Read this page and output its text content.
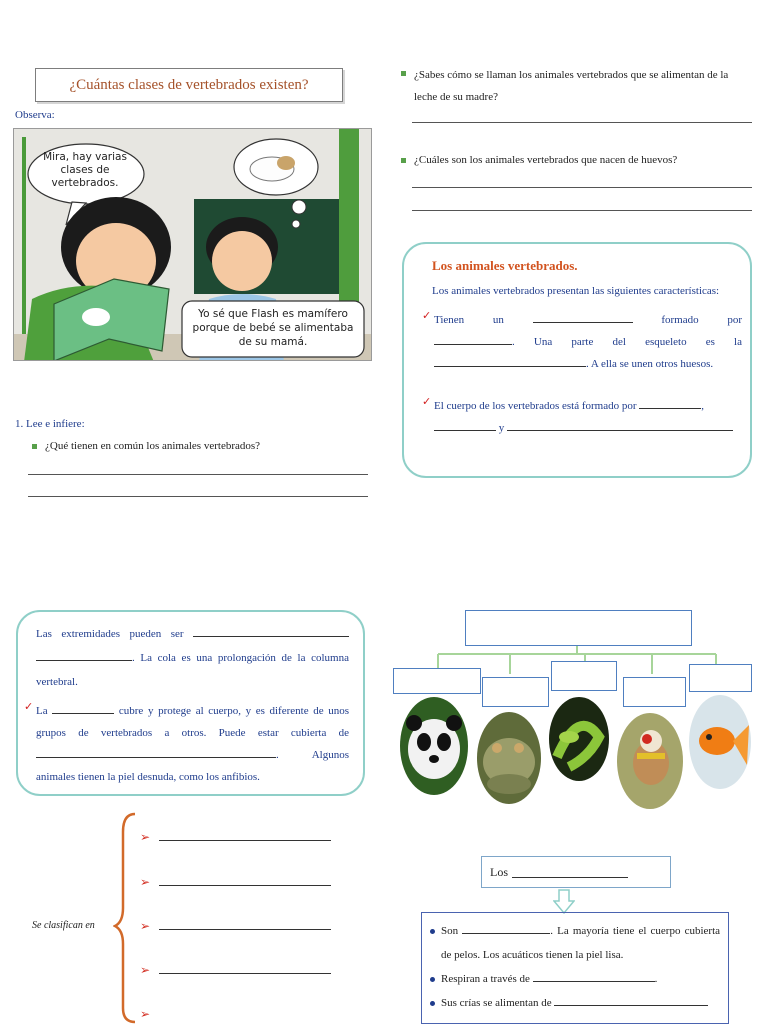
¿Cuántas clases de vertebrados existen?
Observa:
Mira, hay varias clases de vertebrados.
Yo sé que Flash es mamífero porque de bebé se alimentaba de su mamá.
1. Lee e infiere:
¿Qué tienen en común los animales vertebrados?
¿Sabes cómo se llaman los animales vertebrados que se alimentan de la leche de su madre?
¿Cuáles son los animales vertebrados que nacen de huevos?
Los animales vertebrados.

Los animales vertebrados presentan las siguientes características:

✓ Tienen un	formado por

. Una parte del esqueleto es la

. A ella se unen otros huesos.

✓ El cuerpo de los vertebrados está formado por	,

y

Las extremidades pueden ser  . La cola es una prolongación de la columna vertebral.

✓ La	cubre y protege al cuerpo, y es diferente de unos grupos de vertebrados a otros. Puede estar cubierta de . Algunos animales tienen la piel desnuda, como los anfibios.

Se clasifican en
➢
➢
➢
➢
➢
Los
Son	. La mayoría tiene el cuerpo cubierta de pelos. Los acuáticos tienen la piel lisa.
Respiran a través de	.
Sus crías se alimentan de
